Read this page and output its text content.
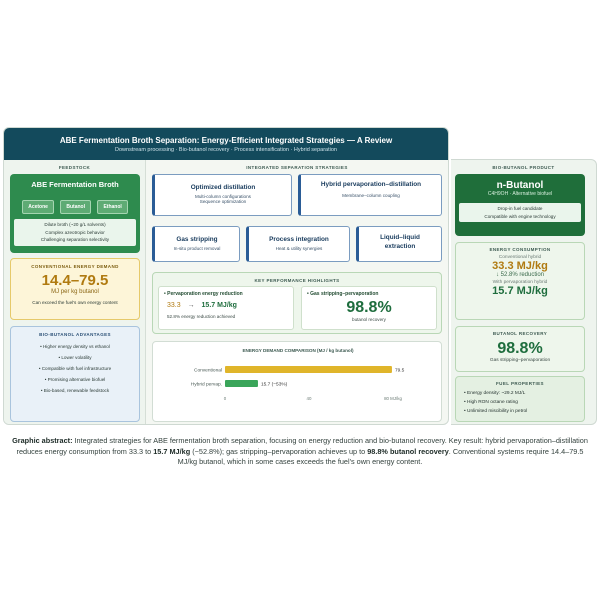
ABE Fermentation Broth Separation: Energy-Efficient Integrated Strategies — A Review
Downstream processing · Bio-butanol recovery · Process intensification · Hybrid separation
FEEDSTOCK
ABE Fermentation Broth
Acetone	Butanol	Ethanol
Dilute broth (~20 g/L solvents)
Complex azeotropic behavior
Challenging separation selectivity
CONVENTIONAL ENERGY DEMAND
14.4–79.5
MJ per kg butanol
Can exceed the fuel's own energy content
BIO-BUTANOL ADVANTAGES
• Higher energy density vs ethanol
• Lower volatility
• Compatible with fuel infrastructure
• Promising alternative biofuel
• Bio-based, renewable feedstock
INTEGRATED SEPARATION STRATEGIES
Optimized distillation
Multi-column configurations
Sequence optimization
Hybrid pervaporation–distillation
Membrane–column coupling
Gas stripping
In-situ product removal
Process integration
Heat & utility synergies
Liquid–liquid extraction
KEY PERFORMANCE HIGHLIGHTS
• Pervaporation energy reduction
33.3 → 15.7 MJ/kg
52.8% energy reduction achieved
• Gas stripping–pervaporation
98.8%
butanol recovery
ENERGY DEMAND COMPARISON (MJ / kg butanol)
Conventional	79.5
Hybrid pervap.	15.7 (−53%)
0	40	80 MJ/kg
BIO-BUTANOL PRODUCT
n-Butanol
C4H9OH · Alternative biofuel
Drop-in fuel candidate
Compatible with engine technology
ENERGY CONSUMPTION
Conventional hybrid
33.3 MJ/kg
↓ 52.8% reduction
With pervaporation hybrid
15.7 MJ/kg
BUTANOL RECOVERY
98.8%
Gas stripping–pervaporation
FUEL PROPERTIES
• Energy density: ~29.2 MJ/L
• High RON octane rating
• Unlimited miscibility in petrol
Graphic abstract: Integrated strategies for ABE fermentation broth separation, focusing on energy reduction and bio-butanol recovery. Key result: hybrid pervaporation–distillation reduces energy consumption from 33.3 to 15.7 MJ/kg (−52.8%); gas stripping–pervaporation achieves up to 98.8% butanol recovery. Conventional systems require 14.4–79.5 MJ/kg butanol, which in some cases exceeds the fuel's own energy content.
